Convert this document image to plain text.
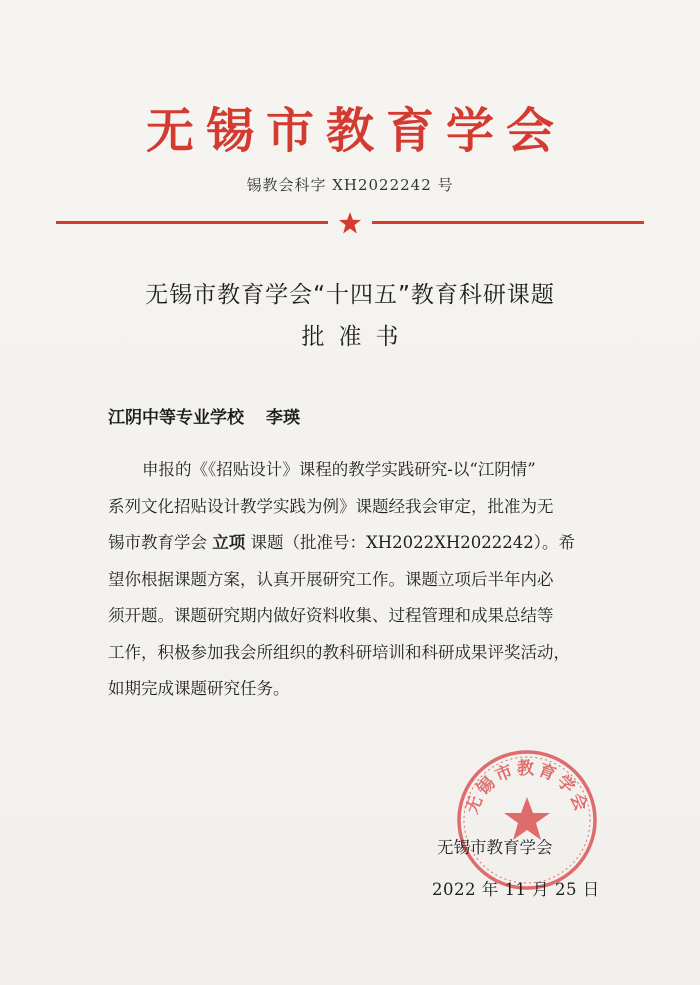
无锡市教育学会
锡教会科字 XH2022242 号
无锡市教育学会“十四五”教育科研课题
批准书
江阴中等专业学校 李瑛
申报的《《招贴设计》课程的教学实践研究-以“江阴情”
系列文化招贴设计教学实践为例》课题经我会审定，批准为无
锡市教育学会 立项 课题（批准号：XH2022XH2022242）。希
望你根据课题方案，认真开展研究工作。课题立项后半年内必
须开题。课题研究期内做好资料收集、过程管理和成果总结等
工作，积极参加我会所组织的教科研培训和科研成果评奖活动，
如期完成课题研究任务。
无锡市教育学会
无锡市教育学会
2022 年 11 月 25 日
